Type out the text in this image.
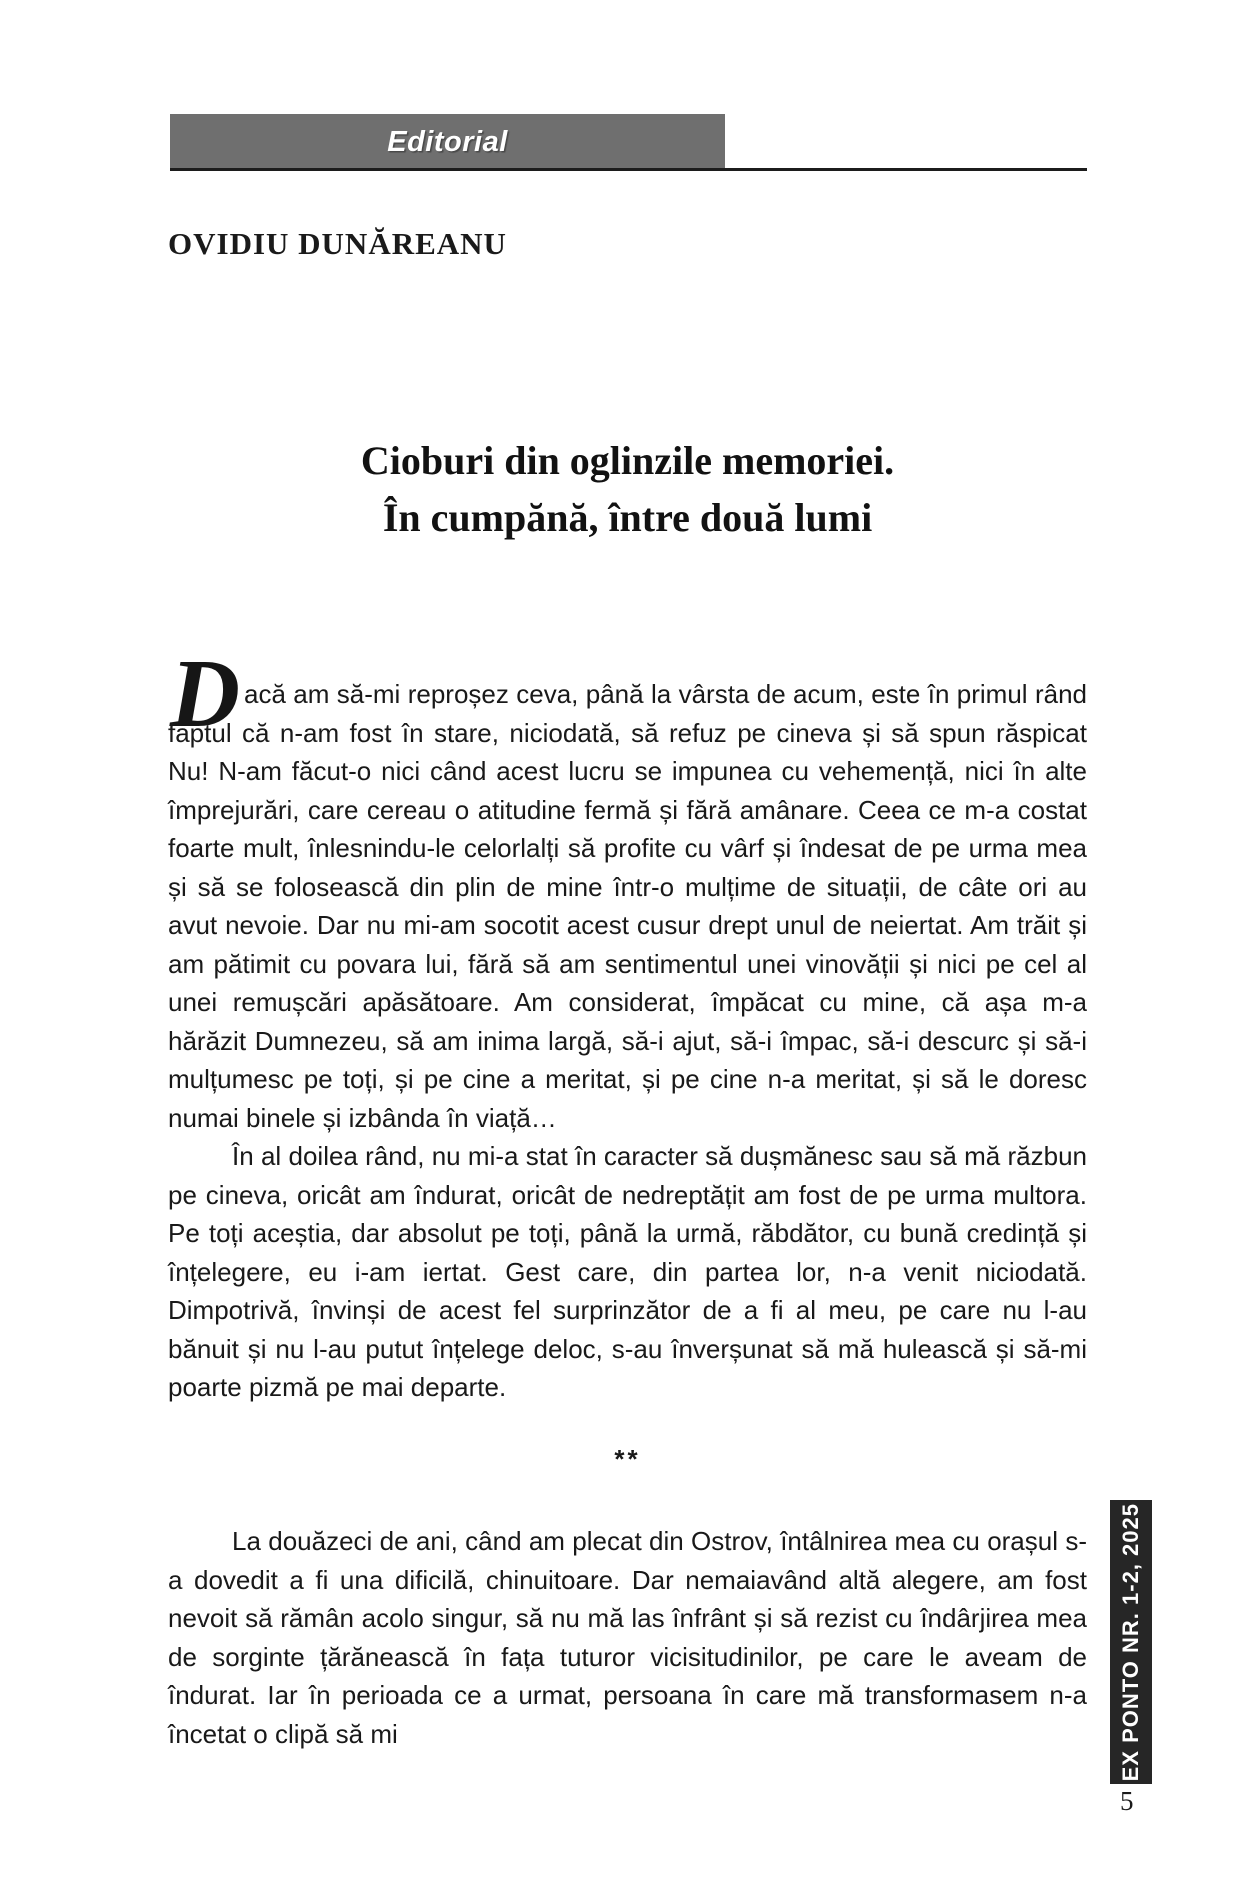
Editorial
OVIDIU DUNĂREANU
Cioburi din oglinzile memoriei.
În cumpănă, între două lumi
D acă am să-mi reproșez ceva, până la vârsta de acum, este în primul rând faptul că n-am fost în stare, niciodată, să refuz pe cineva și să spun răspicat Nu! N-am făcut-o nici când acest lucru se impunea cu vehemență, nici în alte împrejurări, care cereau o atitudine fermă și fără amânare. Ceea ce m-a costat foarte mult, înlesnindu-le celorlalți să profite cu vârf și îndesat de pe urma mea și să se folosească din plin de mine într-o mulțime de situații, de câte ori au avut nevoie. Dar nu mi-am socotit acest cusur drept unul de neiertat. Am trăit și am pătimit cu povara lui, fără să am sentimentul unei vinovății și nici pe cel al unei remușcări apăsătoare. Am considerat, împăcat cu mine, că așa m-a hărăzit Dumnezeu, să am inima largă, să-i ajut, să-i împac, să-i descurc și să-i mulțumesc pe toți, și pe cine a meritat, și pe cine n-a meritat, și să le doresc numai binele și izbânda în viață…

În al doilea rând, nu mi-a stat în caracter să dușmănesc sau să mă răzbun pe cineva, oricât am îndurat, oricât de nedreptățit am fost de pe urma multora. Pe toți aceștia, dar absolut pe toți, până la urmă, răbdător, cu bună credință și înțelegere, eu i-am iertat. Gest care, din partea lor, n-a venit niciodată. Dimpotrivă, învinși de acest fel surprinzător de a fi al meu, pe care nu l-au bănuit și nu l-au putut înțelege deloc, s-au înverșunat să mă hulească și să-mi poarte pizmă pe mai departe.

**

La douăzeci de ani, când am plecat din Ostrov, întâlnirea mea cu orașul s-a dovedit a fi una dificilă, chinuitoare. Dar nemaiavând altă alegere, am fost nevoit să rămân acolo singur, să nu mă las înfrânt și să rezist cu îndârjirea mea de sorginte țărănească în fața tuturor vicisitudinilor, pe care le aveam de îndurat. Iar în perioada ce a urmat, persoana în care mă transformasem n-a încetat o clipă să mi	EX PONTO NR. 1-2, 2025
5
